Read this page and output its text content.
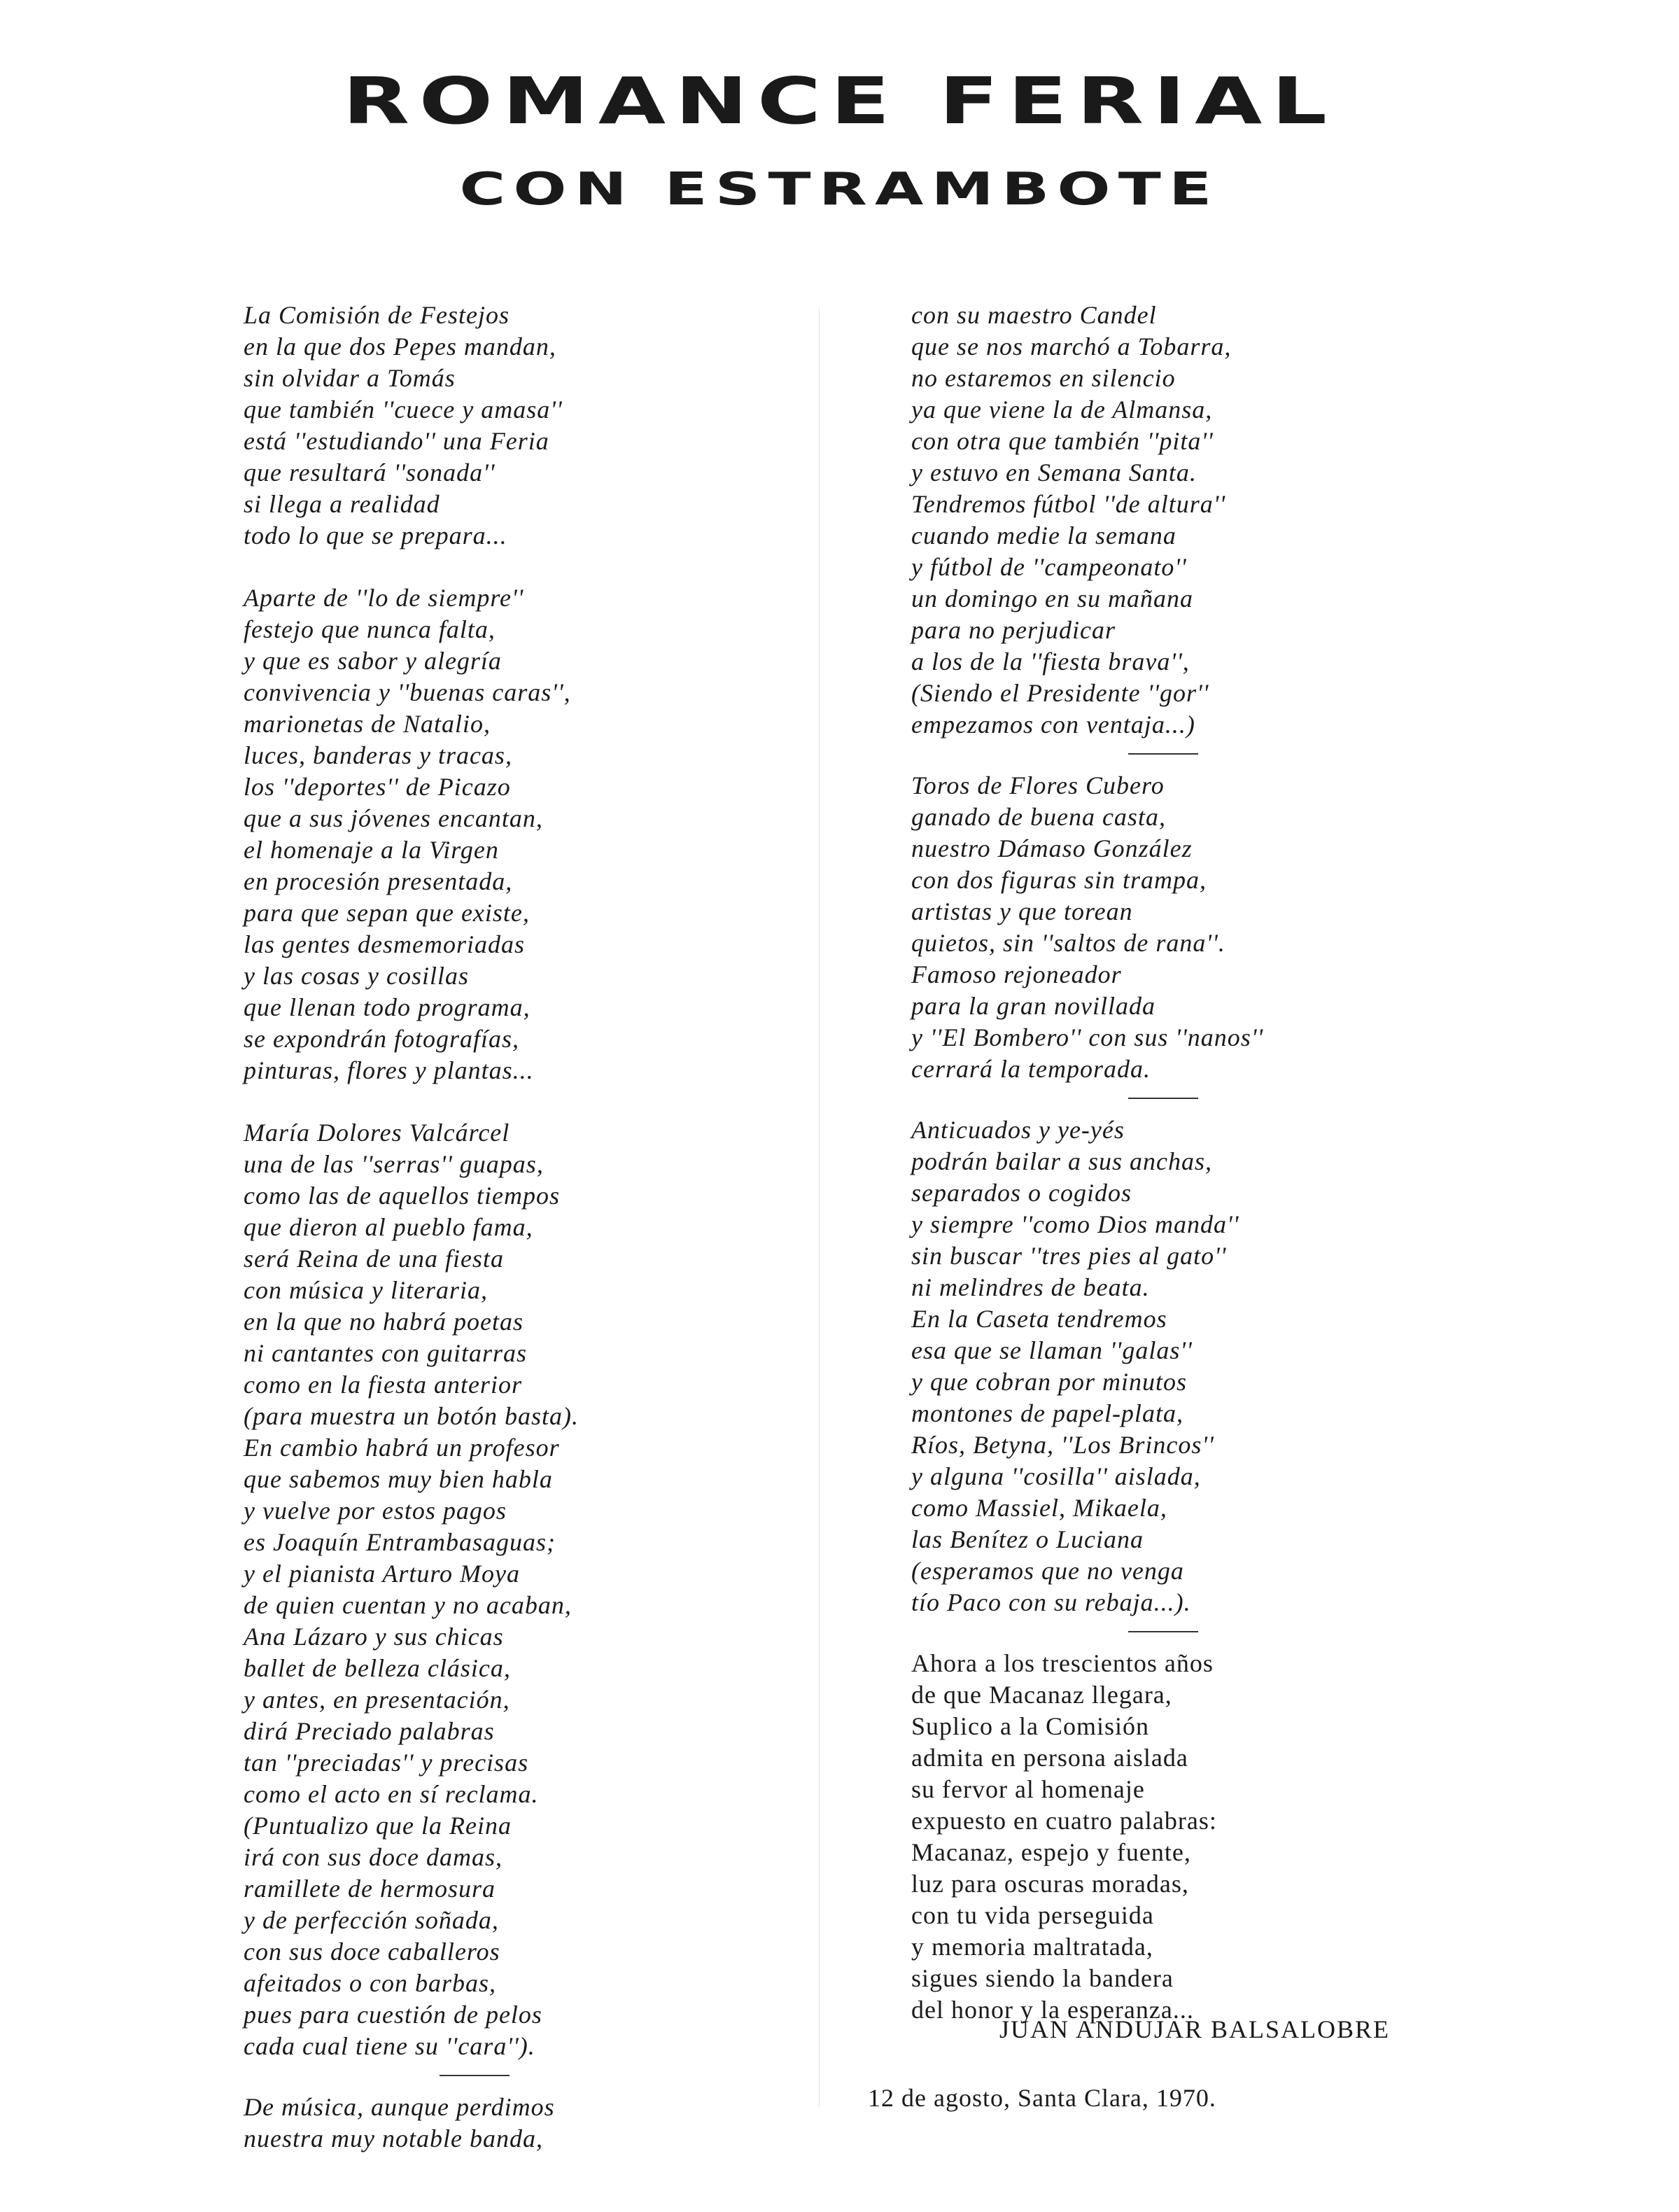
ROMANCE FERIAL
CON ESTRAMBOTE
La Comisión de Festejos
en la que dos Pepes mandan,
sin olvidar a Tomás
que también ''cuece y amasa''
está ''estudiando'' una Feria
que resultará ''sonada''
si llega a realidad
todo lo que se prepara...
Aparte de ''lo de siempre''
festejo que nunca falta,
y que es sabor y alegría
convivencia y ''buenas caras'',
marionetas de Natalio,
luces, banderas y tracas,
los ''deportes'' de Picazo
que a sus jóvenes encantan,
el homenaje a la Virgen
en procesión presentada,
para que sepan que existe,
las gentes desmemoriadas
y las cosas y cosillas
que llenan todo programa,
se expondrán fotografías,
pinturas, flores y plantas...
María Dolores Valcárcel
una de las ''serras'' guapas,
como las de aquellos tiempos
que dieron al pueblo fama,
será Reina de una fiesta
con música y literaria,
en la que no habrá poetas
ni cantantes con guitarras
como en la fiesta anterior
(para muestra un botón basta).
En cambio habrá un profesor
que sabemos muy bien habla
y vuelve por estos pagos
es Joaquín Entrambasaguas;
y el pianista Arturo Moya
de quien cuentan y no acaban,
Ana Lázaro y sus chicas
ballet de belleza clásica,
y antes, en presentación,
dirá Preciado palabras
tan ''preciadas'' y precisas
como el acto en sí reclama.
(Puntualizo que la Reina
irá con sus doce damas,
ramillete de hermosura
y de perfección soñada,
con sus doce caballeros
afeitados o con barbas,
pues para cuestión de pelos
cada cual tiene su ''cara'').
De música, aunque perdimos
nuestra muy notable banda,
con su maestro Candel
que se nos marchó a Tobarra,
no estaremos en silencio
ya que viene la de Almansa,
con otra que también ''pita''
y estuvo en Semana Santa.
Tendremos fútbol ''de altura''
cuando medie la semana
y fútbol de ''campeonato''
un domingo en su mañana
para no perjudicar
a los de la ''fiesta brava'',
(Siendo el Presidente ''gor''
empezamos con ventaja...)
Toros de Flores Cubero
ganado de buena casta,
nuestro Dámaso González
con dos figuras sin trampa,
artistas y que torean
quietos, sin ''saltos de rana''.
Famoso rejoneador
para la gran novillada
y ''El Bombero'' con sus ''nanos''
cerrará la temporada.
Anticuados y ye-yés
podrán bailar a sus anchas,
separados o cogidos
y siempre ''como Dios manda''
sin buscar ''tres pies al gato''
ni melindres de beata.
En la Caseta tendremos
esa que se llaman ''galas''
y que cobran por minutos
montones de papel-plata,
Ríos, Betyna, ''Los Brincos''
y alguna ''cosilla'' aislada,
como Massiel, Mikaela,
las Benítez o Luciana
(esperamos que no venga
tío Paco con su rebaja...).
Ahora a los trescientos años
de que Macanaz llegara,
Suplico a la Comisión
admita en persona aislada
su fervor al homenaje
expuesto en cuatro palabras:
Macanaz, espejo y fuente,
luz para oscuras moradas,
con tu vida perseguida
y memoria maltratada,
sigues siendo la bandera
del honor y la esperanza...
JUAN ANDUJAR BALSALOBRE
12 de agosto, Santa Clara, 1970.
